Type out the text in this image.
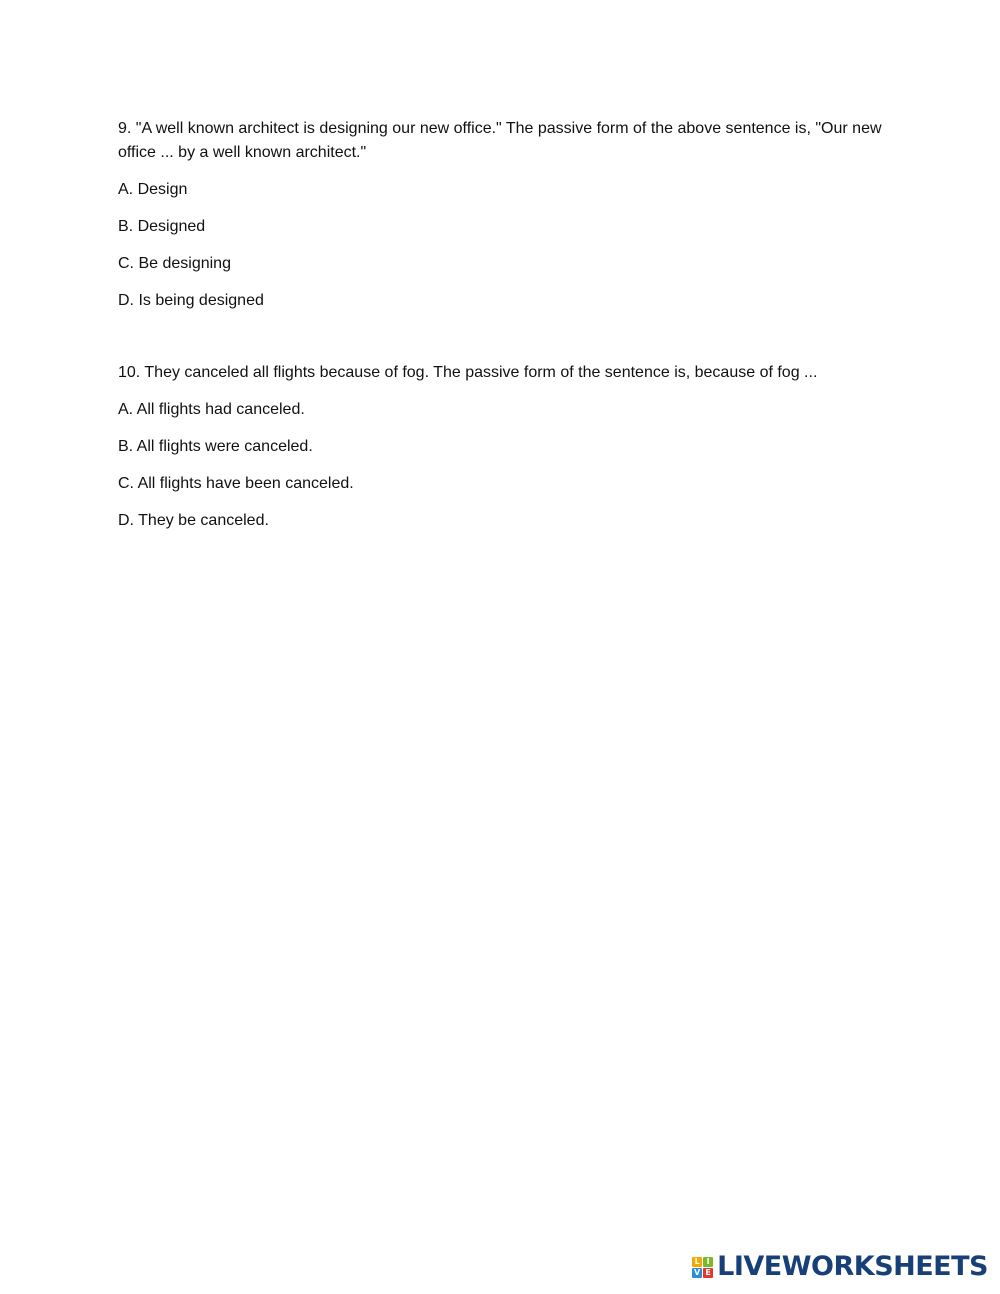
9. "A well known architect is designing our new office." The passive form of the above sentence is, "Our new office ... by a well known architect."

A. Design

B. Designed

C. Be designing

D. Is being designed

10. They canceled all flights because of fog. The passive form of the sentence is, because of fog ...

A. All flights had canceled.

B. All flights were canceled.

C. All flights have been canceled.

D. They be canceled.

L I
V E LIVEWORKSHEETS
